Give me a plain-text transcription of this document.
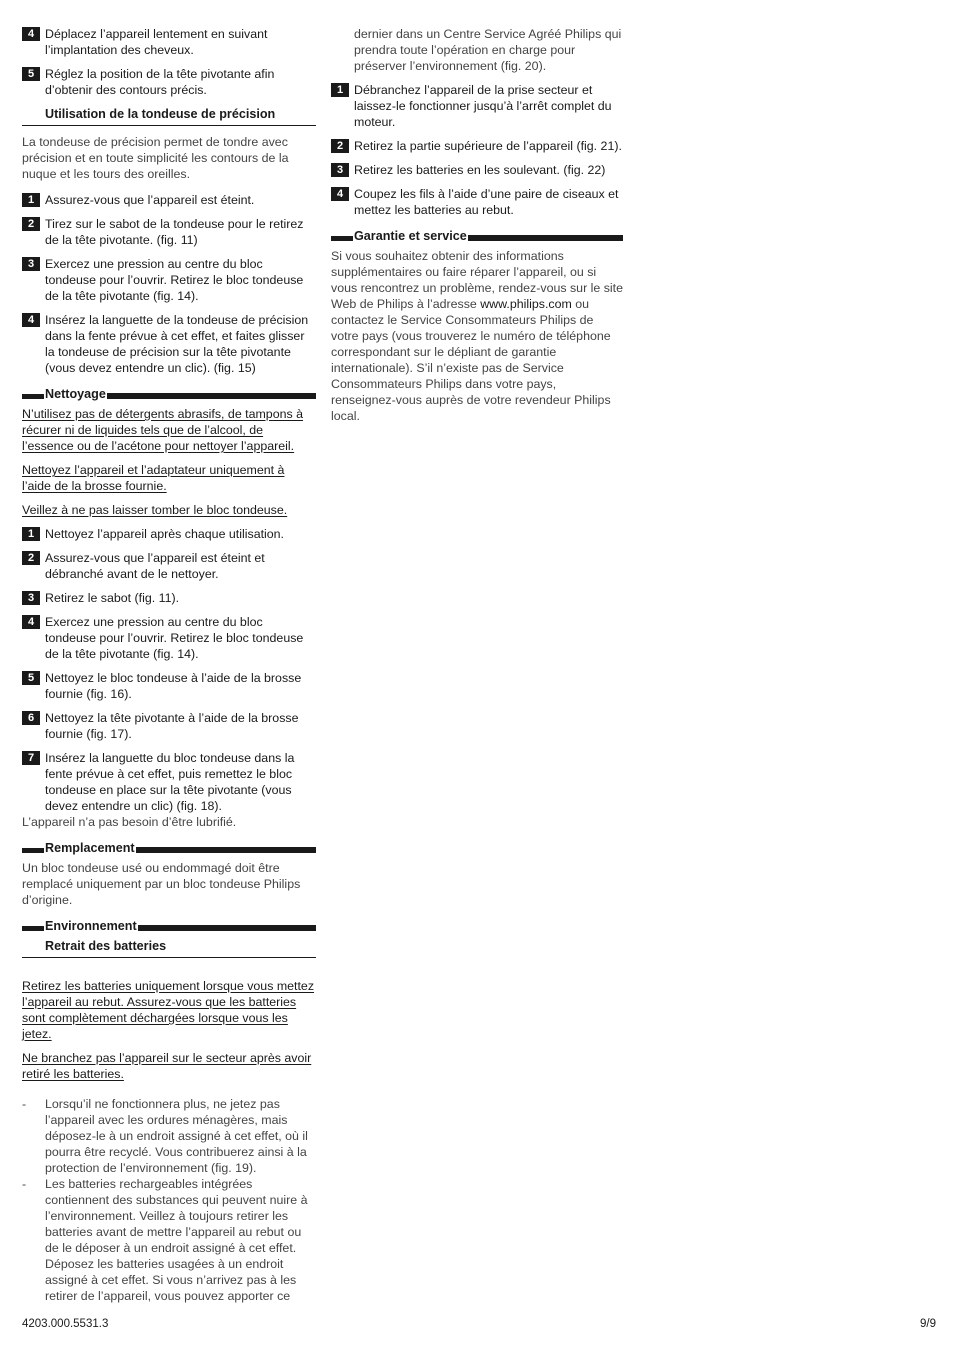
4 Déplacez l’appareil lentement en suivant l’implantation des cheveux.
5 Réglez la position de la tête pivotante afin d’obtenir des contours précis.
Utilisation de la tondeuse de précision
La tondeuse de précision permet de tondre avec précision et en toute simplicité les contours de la nuque et les tours des oreilles.
1 Assurez-vous que l’appareil est éteint.
2 Tirez sur le sabot de la tondeuse pour le retirez de la tête pivotante. (fig. 11)
3 Exercez une pression au centre du bloc tondeuse pour l’ouvrir. Retirez le bloc tondeuse de la tête pivotante (fig. 14).
4 Insérez la languette de la tondeuse de précision dans la fente prévue à cet effet, et faites glisser la tondeuse de précision sur la tête pivotante (vous devez entendre un clic). (fig. 15)
Nettoyage
N’utilisez pas de détergents abrasifs, de tampons à récurer ni de liquides tels que de l’alcool, de l’essence ou de l’acétone pour nettoyer l’appareil.
Nettoyez l’appareil et l’adaptateur uniquement à l’aide de la brosse fournie.
Veillez à ne pas laisser tomber le bloc tondeuse.
1 Nettoyez l’appareil après chaque utilisation.
2 Assurez-vous que l’appareil est éteint et débranché avant de le nettoyer.
3 Retirez le sabot (fig. 11).
4 Exercez une pression au centre du bloc tondeuse pour l’ouvrir. Retirez le bloc tondeuse de la tête pivotante (fig. 14).
5 Nettoyez le bloc tondeuse à l’aide de la brosse fournie (fig. 16).
6 Nettoyez la tête pivotante à l’aide de la brosse fournie (fig. 17).
7 Insérez la languette du bloc tondeuse dans la fente prévue à cet effet, puis remettez le bloc tondeuse en place sur la tête pivotante (vous devez entendre un clic) (fig. 18).
L’appareil n’a pas besoin d’être lubrifié.
Remplacement
Un bloc tondeuse usé ou endommagé doit être remplacé uniquement par un bloc tondeuse Philips d’origine.
Environnement
Retrait des batteries
Retirez les batteries uniquement lorsque vous mettez l’appareil au rebut. Assurez-vous que les batteries sont complètement déchargées lorsque vous les jetez.
Ne branchez pas l’appareil sur le secteur après avoir retiré les batteries.
- Lorsqu’il ne fonctionnera plus, ne jetez pas l’appareil avec les ordures ménagères, mais déposez-le à un endroit assigné à cet effet, où il pourra être recyclé. Vous contribuerez ainsi à la protection de l’environnement (fig. 19).
- Les batteries rechargeables intégrées contiennent des substances qui peuvent nuire à l’environnement. Veillez à toujours retirer les batteries avant de mettre l’appareil au rebut ou de le déposer à un endroit assigné à cet effet. Déposez les batteries usagées à un endroit assigné à cet effet. Si vous n’arrivez pas à les retirer de l’appareil, vous pouvez apporter ce
dernier dans un Centre Service Agréé Philips qui prendra toute l’opération en charge pour préserver l’environnement (fig. 20).
1 Débranchez l’appareil de la prise secteur et laissez-le fonctionner jusqu’à l’arrêt complet du moteur.
2 Retirez la partie supérieure de l’appareil (fig. 21).
3 Retirez les batteries en les soulevant. (fig. 22)
4 Coupez les fils à l’aide d’une paire de ciseaux et mettez les batteries au rebut.
Garantie et service
Si vous souhaitez obtenir des informations supplémentaires ou faire réparer l’appareil, ou si vous rencontrez un problème, rendez-vous sur le site Web de Philips à l’adresse www.philips.com ou contactez le Service Consommateurs Philips de votre pays (vous trouverez le numéro de téléphone correspondant sur le dépliant de garantie internationale). S’il n’existe pas de Service Consommateurs Philips dans votre pays, renseignez-vous auprès de votre revendeur Philips local.
4203.000.5531.3	9/9
